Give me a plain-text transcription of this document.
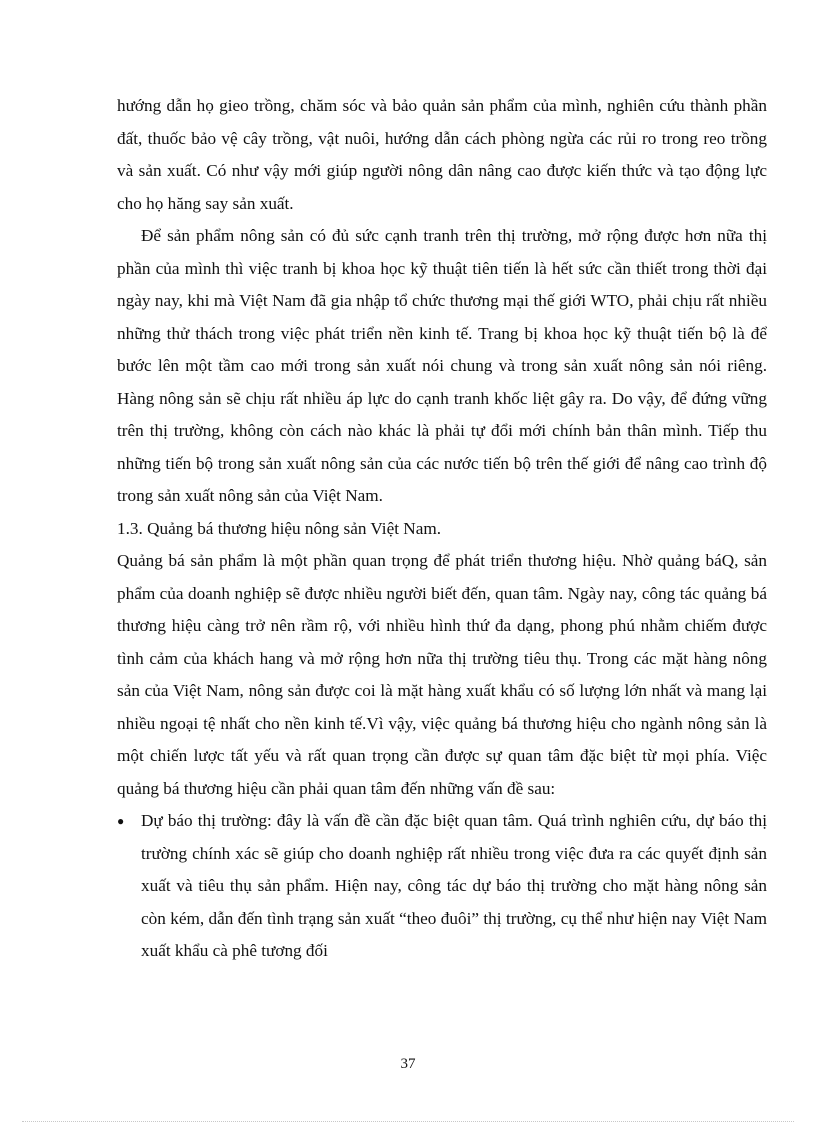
hướng dẫn họ gieo trồng, chăm sóc và bảo quản sản phẩm của mình, nghiên cứu thành phần đất, thuốc bảo vệ cây trồng, vật nuôi, hướng dẫn cách phòng ngừa các rủi ro trong reo trồng và sản xuất. Có như vậy mới giúp người nông dân nâng cao được kiến thức và tạo động lực cho họ hăng say sản xuất.

Để sản phẩm nông sản có đủ sức cạnh tranh trên thị trường, mở rộng được hơn nữa thị phần của mình thì việc tranh bị khoa học kỹ thuật tiên tiến là hết sức cần thiết trong thời đại ngày nay, khi mà Việt Nam đã gia nhập tổ chức thương mại thế giới WTO, phải chịu rất nhiều những thử thách trong việc phát triển nền kinh tế. Trang bị khoa học kỹ thuật tiến bộ là để bước lên một tầm cao mới trong sản xuất nói chung và trong sản xuất nông sản nói riêng. Hàng nông sản sẽ chịu rất nhiều áp lực do cạnh tranh khốc liệt gây ra. Do vậy, để đứng vững trên thị trường, không còn cách nào khác là phải tự đổi mới chính bản thân mình. Tiếp thu những tiến bộ trong sản xuất nông sản của các nước tiến bộ trên thế giới để nâng cao trình độ trong sản xuất nông sản của Việt Nam.

1.3. Quảng bá thương hiệu nông sản Việt Nam.

Quảng bá sản phẩm là một phần quan trọng để phát triển thương hiệu. Nhờ quảng báQ, sản phẩm của doanh nghiệp sẽ được nhiều người biết đến, quan tâm. Ngày nay, công tác quảng bá thương hiệu càng trở nên rầm rộ, với nhiều hình thứ đa dạng, phong phú nhằm chiếm được tình cảm của khách hang và mở rộng hơn nữa thị trường tiêu thụ. Trong các mặt hàng nông sản của Việt Nam, nông sản được coi là mặt hàng xuất khẩu có số lượng lớn nhất và mang lại nhiều ngoại tệ nhất cho nền kinh tế.Vì vậy, việc quảng bá thương hiệu cho ngành nông sản là một chiến lược tất yếu và rất quan trọng cần được sự quan tâm đặc biệt từ mọi phía. Việc quảng bá thương hiệu cần phải quan tâm đến những vấn đề sau:

● Dự báo thị trường: đây là vấn đề cần đặc biệt quan tâm. Quá trình nghiên cứu, dự báo thị trường chính xác sẽ giúp cho doanh nghiệp rất nhiều trong việc đưa ra các quyết định sản xuất và tiêu thụ sản phẩm. Hiện nay, công tác dự báo thị trường cho mặt hàng nông sản còn kém, dẫn đến tình trạng sản xuất “theo đuôi” thị trường, cụ thể như hiện nay Việt Nam xuất khẩu cà phê tương đối
37
